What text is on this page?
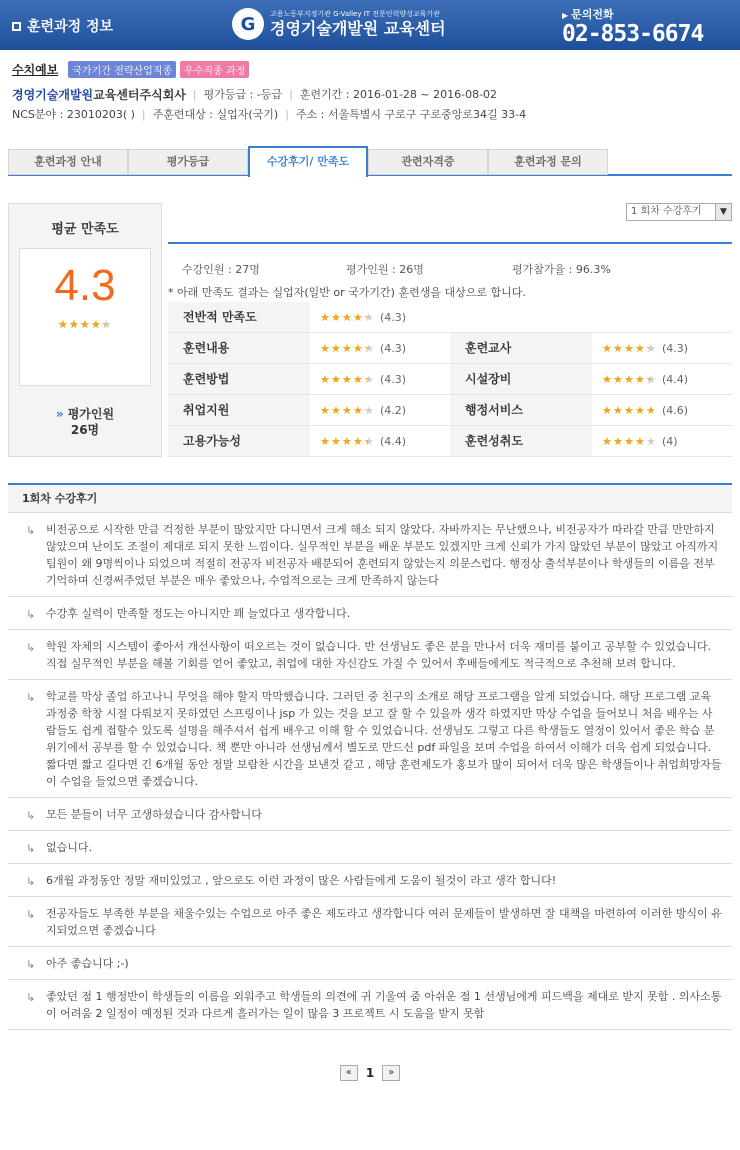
훈련과정 정보	G	고용노동부지정기관 G-Valley IT 전문인력양성교육기관
경영기술개발원 교육센터
▶ 문의전화
02-853-6674
수치예보	국가기간 전략산업직종	우수직종 과정
경영기술개발원 교육센터주식회사 | 평가등급 : -등급 | 훈련기간 : 2016-01-28 ~ 2016-08-02
NCS분야 : 23010203( ) | 주훈련대상 : 실업자(국기) | 주소 : 서울특별시 구로구 구로중앙로34길 33-4
훈련과정 안내	평가등급	수강후기/ 만족도	관련자격증	훈련과정 문의
평균 만족도
4.3
★
★
★
★
★
★
★
★
★
★
» 평가인원
26명
1 회차 수강후기	▼
수강인원 : 27명	평가인원 : 26명	평가참가율 : 96.3%
* 아래 만족도 결과는 실업자(일반 or 국가기간) 훈련생을 대상으로 합니다.
전반적 만족도 ★ ★ ★ ★ ★ ★ ★ ★ ★ ★	(4.3)
훈련내용 ★ ★ ★ ★ ★ ★ ★ ★ ★ ★	(4.3)	훈련교사 ★ ★ ★ ★ ★ ★ ★ ★ ★ ★	(4.3)
훈련방법 ★ ★ ★ ★ ★ ★ ★ ★ ★ ★	(4.3)	시설장비 ★ ★ ★ ★ ★ ★ ★ ★ ★ ★	(4.4)
취업지원 ★ ★ ★ ★ ★ ★ ★ ★ ★ ★	(4.2)	행정서비스 ★ ★ ★ ★ ★ ★ ★ ★ ★ ★	(4.6)
고용가능성 ★ ★ ★ ★ ★ ★ ★ ★ ★ ★	(4.4)	훈련성취도 ★ ★ ★ ★ ★ ★ ★ ★ ★	(4)
1회차 수강후기
↳ 비전공으로 시작한 만큼 걱정한 부분이 많았지만 다니면서 크게 해소 되지 않았다. 자바까지는 무난했으나, 비전공자가 따라갈 만큼 만만하지 않았으며 난이도 조절이 제대로 되지 못한 느낌이다. 실무적인 부분을 배운 부분도 있겠지만 크게 신뢰가 가지 않았던 부분이 많았고 아직까지 팀원이 왜 9명씩이나 되었으며 적절히 전공자 비전공자 배분되어 훈련되지 않았는지 의문스럽다. 행정상 출석부분이나 학생들의 이름을 전부 기억하며 신경써주었던 부분은 매우 좋았으나, 수업적으로는 크게 만족하지 않는다
↳ 수강후 실력이 만족할 정도는 아니지만 꽤 늘었다고 생각합니다.
↳ 학원 자체의 시스템이 좋아서 개선사항이 떠오르는 것이 없습니다. 반 선생님도 좋은 분을 만나서 더욱 재미를 붙이고 공부할 수 있었습니다. 직접 실무적인 부분을 해볼 기회를 얻어 좋았고, 취업에 대한 자신감도 가질 수 있어서 후배들에게도 적극적으로 추천해 보려 합니다.
↳ 학교를 막상 졸업 하고나니 무엇을 해야 할지 막막했습니다. 그러던 중 친구의 소개로 해당 프로그램을 알게 되었습니다. 해당 프로그램 교육 과정중 학창 시절 다뤄보지 못하였던 스프링이나 jsp 가 있는 것을 보고 잘 할 수 있을까 생각 하였지만 막상 수업을 들어보니 처음 배우는 사람들도 쉽게 접할수 있도록 설명을 해주셔서 쉽게 배우고 이해 할 수 있었습니다. 선생님도 그렇고 다른 학생들도 열정이 있어서 좋은 학습 분위기에서 공부를 할 수 있었습니다. 책 뿐만 아니라 선생님께서 별도로 만드신 pdf 파일을 보며 수업을 하여서 이해가 더욱 쉽게 되었습니다. 짧다면 짧고 길다면 긴 6개월 동안 정말 보람찬 시간을 보낸것 같고 , 해당 훈련제도가 홍보가 많이 되어서 더욱 많은 학생들이나 취업희망자들이 수업을 들었으면 좋겠습니다.
↳ 모든 분들이 너무 고생하셨습니다 감사합니다
↳ 없습니다.
↳ 6개월 과정동안 정말 재미있었고 , 앞으로도 이런 과정이 많은 사람들에게 도움이 될것이 라고 생각 합니다!
↳ 전공자들도 부족한 부분을 채울수있는 수업으로 아주 좋은 제도라고 생각합니다 여러 문제들이 발생하면 잘 대책을 마련하여 이러한 방식이 유지되었으면 좋겠습니다
↳ 아주 좋습니다 ;-)
↳ 좋았던 점 1 행정반이 학생들의 이름을 외워주고 학생들의 의견에 귀 기울여 줌 아쉬운 점 1 선생님에게 피드백을 제대로 받지 못함 . 의사소통이 어려움 2 일정이 예정된 것과 다르게 흘러가는 일이 많음 3 프로젝트 시 도움을 받지 못함
«	1	»
